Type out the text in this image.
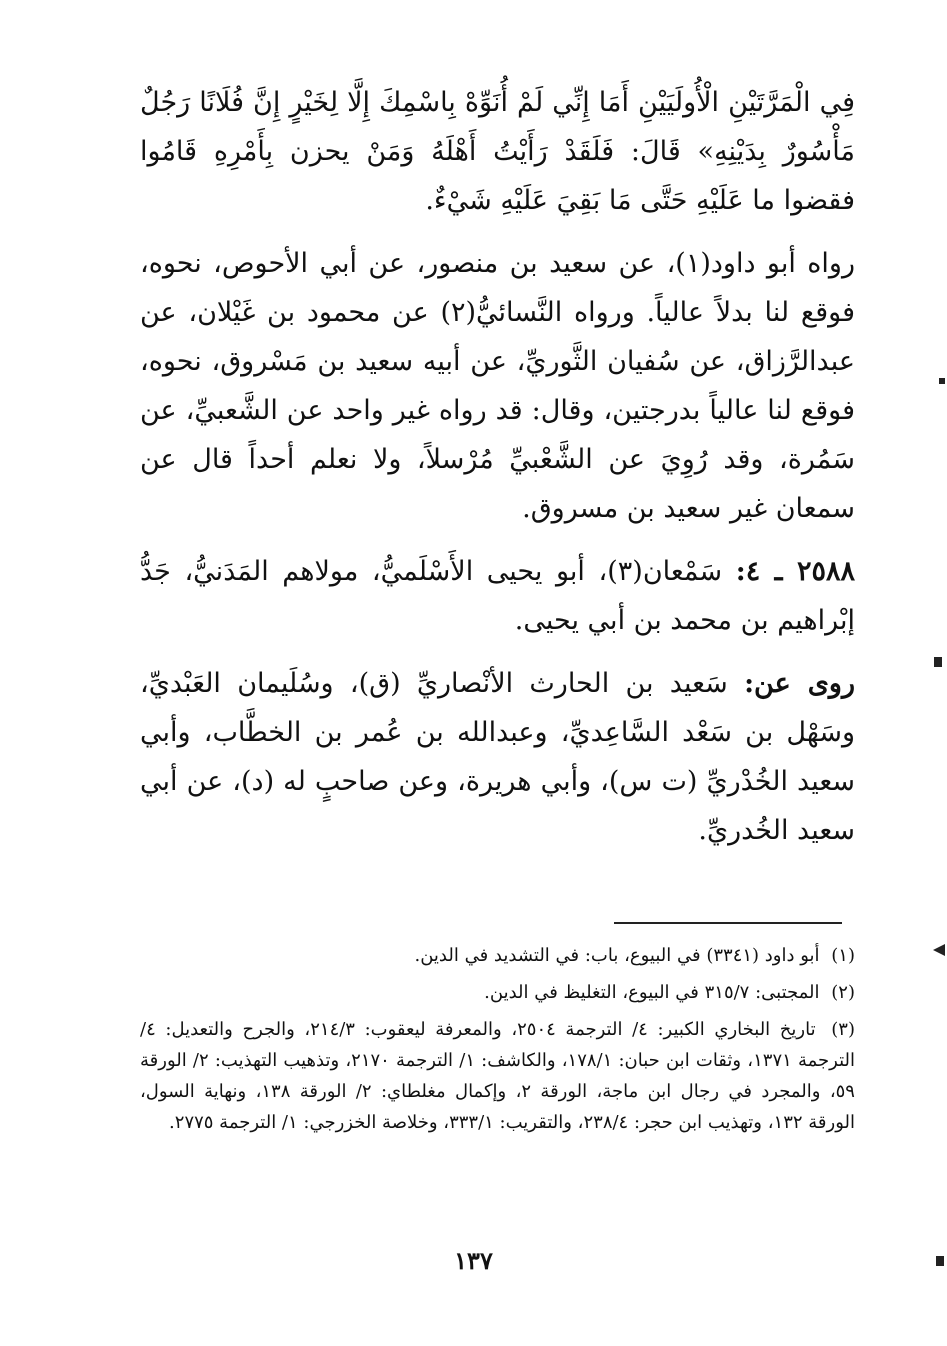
فِي الْمَرَّتَيْنِ الْأُولَيَيْنِ أَمَا إِنِّي لَمْ أُنَوِّهْ بِاسْمِكَ إِلَّا لِخَيْرٍ إِنَّ فُلَانًا رَجُلٌ مَأْسُورٌ بِدَيْنِهِ» قَالَ: فَلَقَدْ رَأَيْتُ أَهْلَهُ وَمَنْ يحزن بِأَمْرِهِ قَامُوا فقضوا ما عَلَيْهِ حَتَّى مَا بَقِيَ عَلَيْهِ شَيْءٌ.

رواه أبو داود(١)، عن سعيد بن منصور، عن أبي الأحوص، نحوه، فوقع لنا بدلاً عالياً. ورواه النَّسائيُّ(٢) عن محمود بن غَيْلان، عن عبدالرَّزاق، عن سُفيان الثَّوريِّ، عن أبيه سعيد بن مَسْروق، نحوه، فوقع لنا عالياً بدرجتين، وقال: قد رواه غير واحد عن الشَّعبيِّ، عن سَمُرة، وقد رُوِيَ عن الشَّعْبيِّ مُرْسلاً، ولا نعلم أحداً قال عن سمعان غير سعيد بن مسروق.

٢٥٨٨ ـ ٤: سَمْعان(٣)، أبو يحيى الأَسْلَميُّ، مولاهم المَدَنيُّ، جَدُّ إبْراهيم بن محمد بن أبي يحيى.

روى عن: سَعيد بن الحارث الأنْصاريِّ (ق)، وسُلَيمان العَبْديِّ، وسَهْل بن سَعْد السَّاعِديِّ، وعبدالله بن عُمر بن الخطَّاب، وأبي سعيد الخُدْريِّ (ت س)، وأبي هريرة، وعن صاحبٍ له (د)، عن أبي سعيد الخُدريِّ.

(١) أبو داود (٣٣٤١) في البيوع، باب: في التشديد في الدين.

(٢) المجتبى: ٣١٥/٧ في البيوع، التغليظ في الدين.

(٣) تاريخ البخاري الكبير: ٤/ الترجمة ٢٥٠٤، والمعرفة ليعقوب: ٢١٤/٣، والجرح والتعديل: ٤/ الترجمة ١٣٧١، وثقات ابن حبان: ١٧٨/١، والكاشف: ١/ الترجمة ٢١٧٠، وتذهيب التهذيب: ٢/ الورقة ٥٩، والمجرد في رجال ابن ماجة، الورقة ٢، وإكمال مغلطاي: ٢/ الورقة ١٣٨، ونهاية السول، الورقة ١٣٢، وتهذيب ابن حجر: ٢٣٨/٤، والتقريب: ٣٣٣/١، وخلاصة الخزرجي: ١/ الترجمة ٢٧٧٥.

١٣٧
